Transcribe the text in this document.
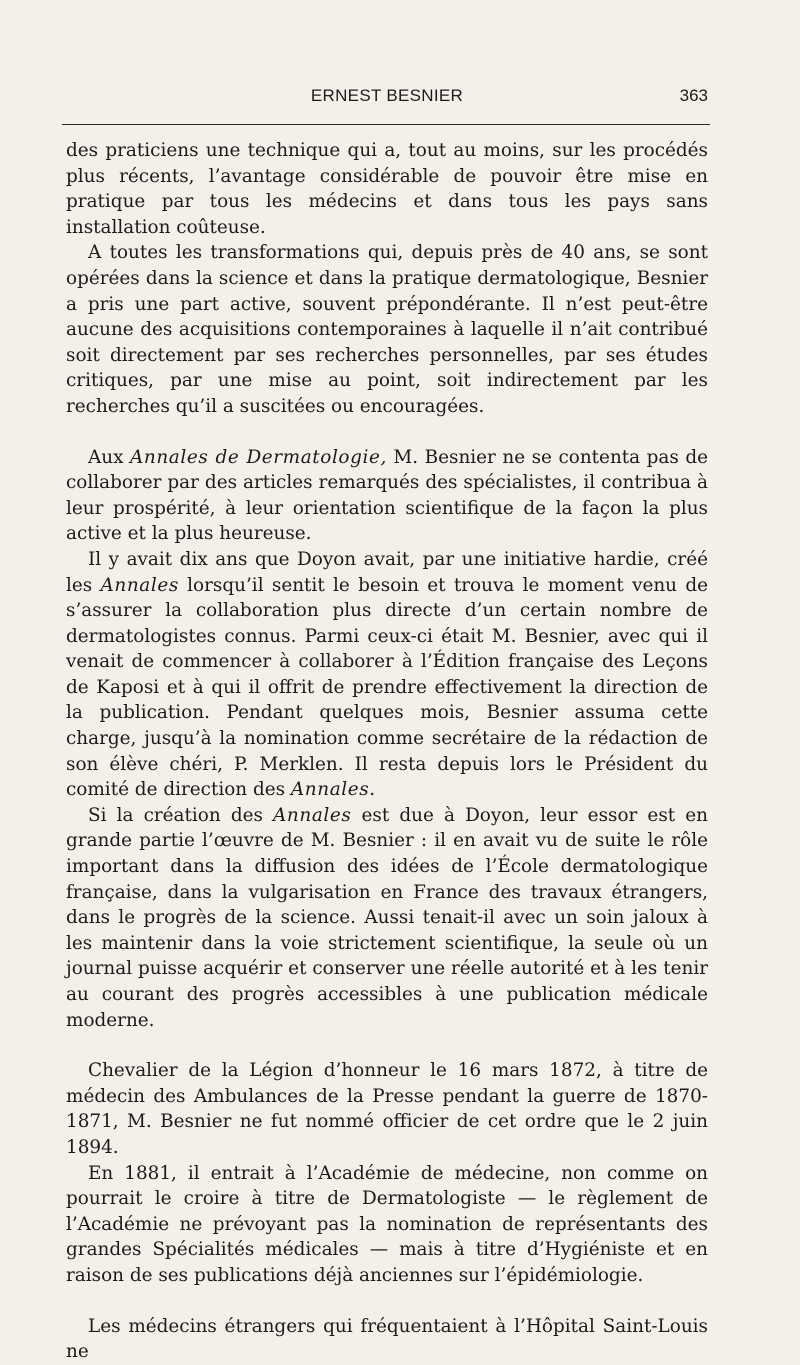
ERNEST BESNIER	363

des praticiens une technique qui a, tout au moins, sur les procédés plus récents, l’avantage considérable de pouvoir être mise en pratique par tous les médecins et dans tous les pays sans installation coûteuse.

A toutes les transformations qui, depuis près de 40 ans, se sont opérées dans la science et dans la pratique dermatologique, Besnier a pris une part active, souvent prépondérante. Il n’est peut-être aucune des acquisitions contemporaines à laquelle il n’ait contribué soit directement par ses recherches personnelles, par ses études critiques, par une mise au point, soit indirectement par les recherches qu’il a suscitées ou encouragées.

Aux Annales de Dermatologie, M. Besnier ne se contenta pas de collaborer par des articles remarqués des spécialistes, il contribua à leur prospérité, à leur orientation scientifique de la façon la plus active et la plus heureuse.

Il y avait dix ans que Doyon avait, par une initiative hardie, créé les Annales lorsqu’il sentit le besoin et trouva le moment venu de s’assurer la collaboration plus directe d’un certain nombre de dermatologistes connus. Parmi ceux-ci était M. Besnier, avec qui il venait de commencer à collaborer à l’Édition française des Leçons de Kaposi et à qui il offrit de prendre effectivement la direction de la publication. Pendant quelques mois, Besnier assuma cette charge, jusqu’à la nomination comme secrétaire de la rédaction de son élève chéri, P. Merklen. Il resta depuis lors le Président du comité de direction des Annales.

Si la création des Annales est due à Doyon, leur essor est en grande partie l’œuvre de M. Besnier : il en avait vu de suite le rôle important dans la diffusion des idées de l’École dermatologique française, dans la vulgarisation en France des travaux étrangers, dans le progrès de la science. Aussi tenait-il avec un soin jaloux à les maintenir dans la voie strictement scientifique, la seule où un journal puisse acquérir et conserver une réelle autorité et à les tenir au courant des progrès accessibles à une publication médicale moderne.

Chevalier de la Légion d’honneur le 16 mars 1872, à titre de médecin des Ambulances de la Presse pendant la guerre de 1870-1871, M. Besnier ne fut nommé officier de cet ordre que le 2 juin 1894.

En 1881, il entrait à l’Académie de médecine, non comme on pourrait le croire à titre de Dermatologiste — le règlement de l’Académie ne prévoyant pas la nomination de représentants des grandes Spécialités médicales — mais à titre d’Hygiéniste et en raison de ses publications déjà anciennes sur l’épidémiologie.

Les médecins étrangers qui fréquentaient à l’Hôpital Saint-Louis ne
